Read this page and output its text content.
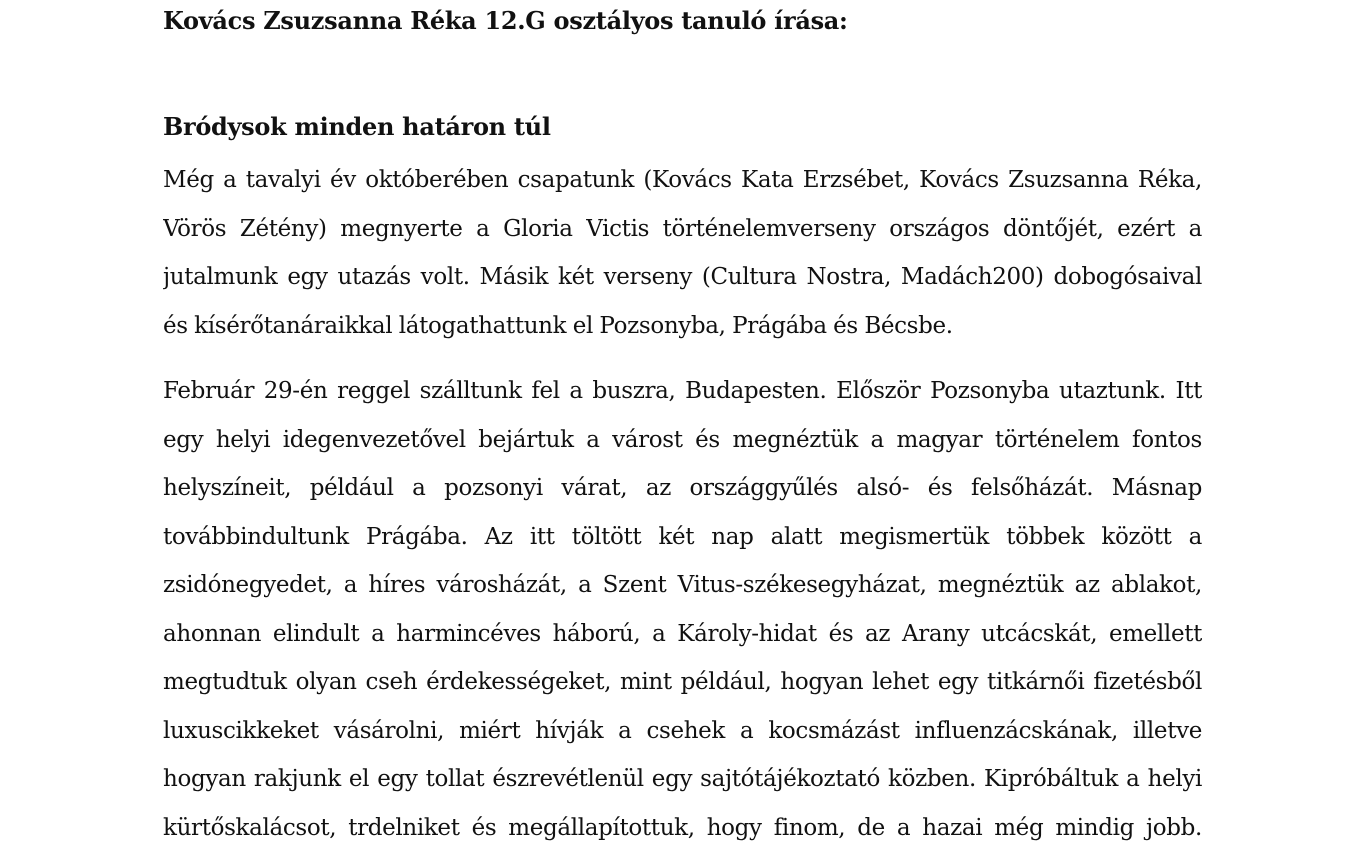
Kovács Zsuzsanna Réka 12.G osztályos tanuló írása:
Bródysok minden határon túl

Még a tavalyi év októberében csapatunk (Kovács Kata Erzsébet, Kovács Zsuzsanna Réka,
Vörös Zétény) megnyerte a Gloria Victis történelemverseny országos döntőjét, ezért a
jutalmunk egy utazás volt. Másik két verseny (Cultura Nostra, Madách200) dobogósaival
és kísérőtanáraikkal látogathattunk el Pozsonyba, Prágába és Bécsbe.

Február 29-én reggel szálltunk fel a buszra, Budapesten. Először Pozsonyba utaztunk. Itt
egy helyi idegenvezetővel bejártuk a várost és megnéztük a magyar történelem fontos
helyszíneit, például a pozsonyi várat, az országgyűlés alsó- és felsőházát. Másnap
továbbindultunk Prágába. Az itt töltött két nap alatt megismertük többek között a
zsidónegyedet, a híres városházát, a Szent Vitus-székesegyházat, megnéztük az ablakot,
ahonnan elindult a harmincéves háború, a Károly-hidat és az Arany utcácskát, emellett
megtudtuk olyan cseh érdekességeket, mint például, hogyan lehet egy titkárnői fizetésből
luxuscikkeket vásárolni, miért hívják a csehek a kocsmázást influenzácskának, illetve
hogyan rakjunk el egy tollat észrevétlenül egy sajtótájékoztató közben. Kipróbáltuk a helyi
kürtőskalácsot, trdelniket és megállapítottuk, hogy finom, de a hazai még mindig jobb.
